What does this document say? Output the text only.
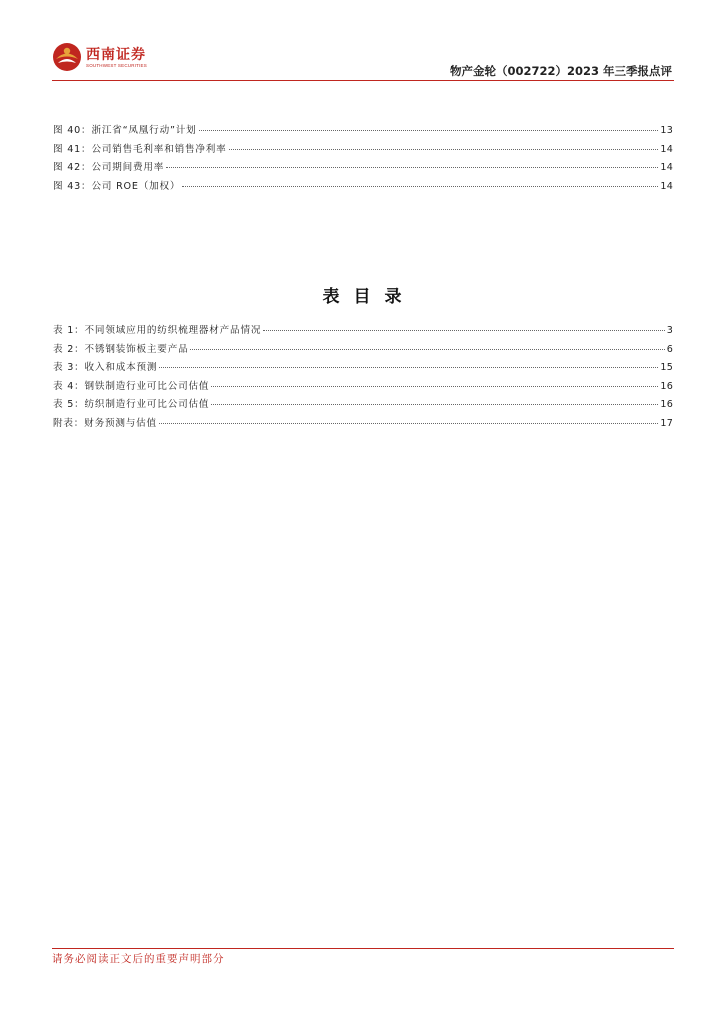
西南证券
SOUTHWEST SECURITIES	物产金轮（002722）2023 年三季报点评
图 40：浙江省“凤凰行动”计划	13
图 41：公司销售毛利率和销售净利率	14
图 42：公司期间费用率	14
图 43：公司 ROE（加权）	14
表目录
表 1：不同领域应用的纺织梳理器材产品情况	3
表 2：不锈钢装饰板主要产品	6
表 3：收入和成本预测	15
表 4：钢铁制造行业可比公司估值	16
表 5：纺织制造行业可比公司估值	16
附表：财务预测与估值	17
请务必阅读正文后的重要声明部分
